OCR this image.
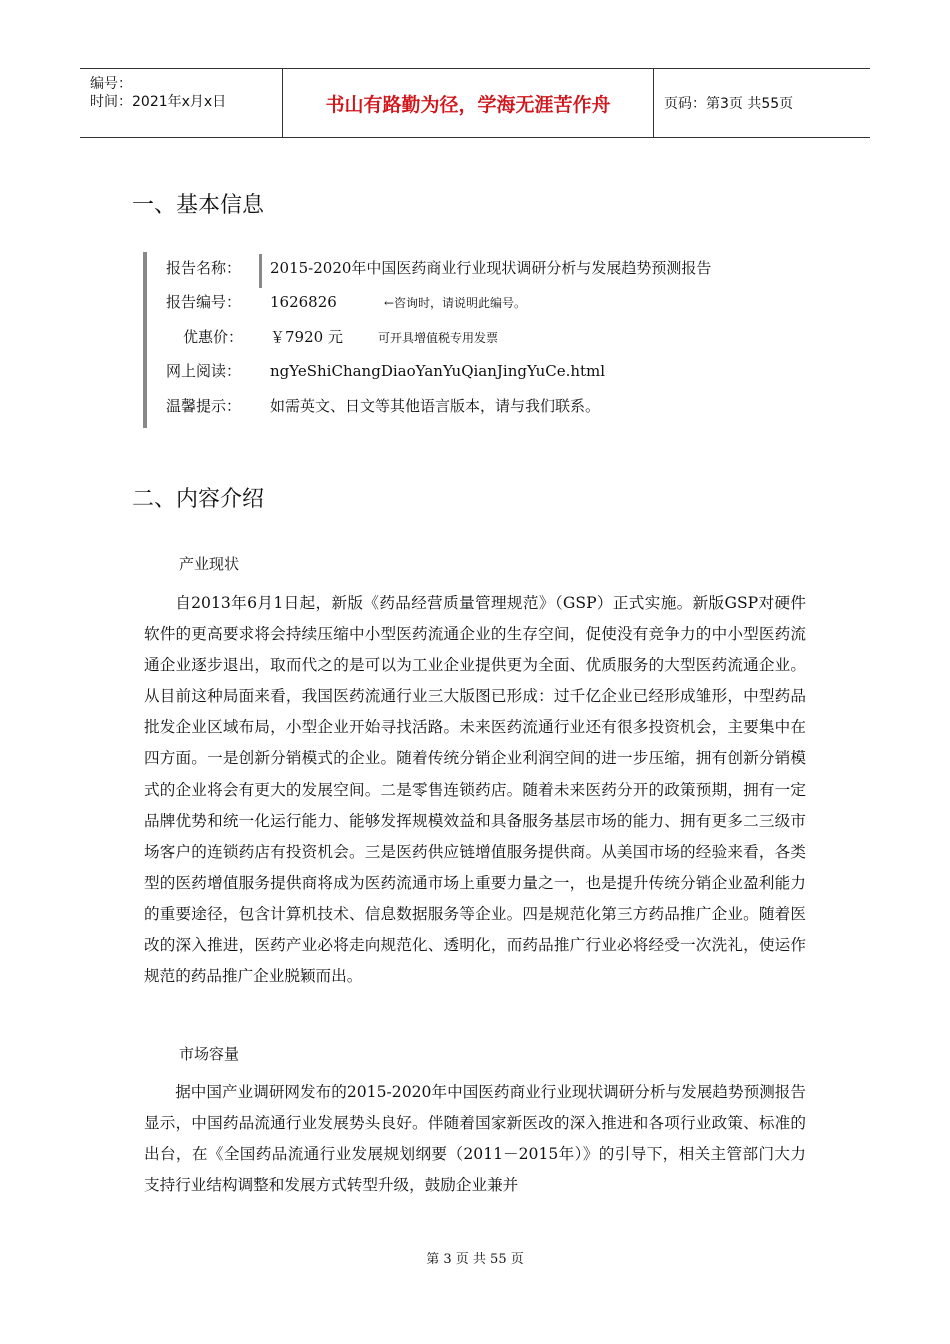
编号：
时间：2021年x月x日	书山有路勤为径，学海无涯苦作舟	页码：第3页 共55页
一、基本信息
报告名称： 2015-2020年中国医药商业行业现状调研分析与发展趋势预测报告
报告编号： 1626826	←咨询时，请说明此编号。
优惠价： ￥7920 元	可开具增值税专用发票
网上阅读： ngYeShiChangDiaoYanYuQianJingYuCe.html
温馨提示： 如需英文、日文等其他语言版本，请与我们联系。
二、内容介绍
产业现状

自2013年6月1日起，新版《药品经营质量管理规范》（GSP）正式实施。新版GSP对硬件软件的更高要求将会持续压缩中小型医药流通企业的生存空间，促使没有竞争力的中小型医药流通企业逐步退出，取而代之的是可以为工业企业提供更为全面、优质服务的大型医药流通企业。从目前这种局面来看，我国医药流通行业三大版图已形成：过千亿企业已经形成雏形，中型药品批发企业区域布局，小型企业开始寻找活路。未来医药流通行业还有很多投资机会，主要集中在四方面。一是创新分销模式的企业。随着传统分销企业利润空间的进一步压缩，拥有创新分销模式的企业将会有更大的发展空间。二是零售连锁药店。随着未来医药分开的政策预期，拥有一定品牌优势和统一化运行能力、能够发挥规模效益和具备服务基层市场的能力、拥有更多二三级市场客户的连锁药店有投资机会。三是医药供应链增值服务提供商。从美国市场的经验来看，各类型的医药增值服务提供商将成为医药流通市场上重要力量之一，也是提升传统分销企业盈利能力的重要途径，包含计算机技术、信息数据服务等企业。四是规范化第三方药品推广企业。随着医改的深入推进，医药产业必将走向规范化、透明化，而药品推广行业必将经受一次洗礼，使运作规范的药品推广企业脱颖而出。

市场容量

据中国产业调研网发布的2015-2020年中国医药商业行业现状调研分析与发展趋势预测报告显示，中国药品流通行业发展势头良好。伴随着国家新医改的深入推进和各项行业政策、标准的出台，在《全国药品流通行业发展规划纲要（2011－2015年）》的引导下，相关主管部门大力支持行业结构调整和发展方式转型升级，鼓励企业兼并

第 3 页 共 55 页
